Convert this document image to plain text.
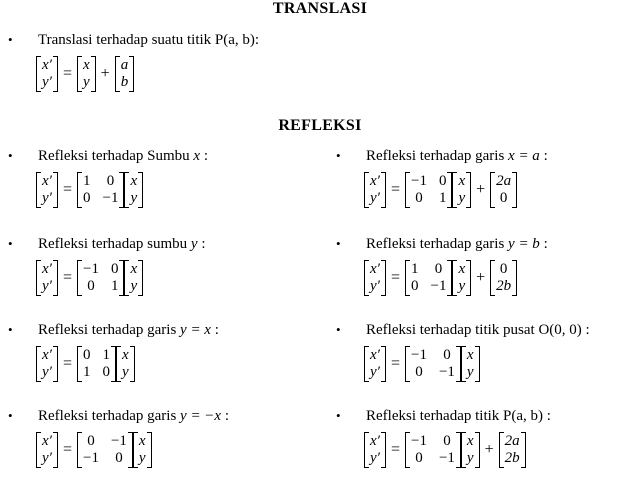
TRANSLASI
• Translasi terhadap suatu titik P(a, b):
x′
y′ = x
y + a
b
REFLEKSI
• Refleksi terhadap Sumbu x :
x′
y′ = 1
0
0
−1
x
y
• Refleksi terhadap sumbu y :
x′
y′ = −1
0
0
1
x
y
• Refleksi terhadap garis y = x :
x′
y′ = 0
1
1
0
x
y
• Refleksi terhadap garis y = −x :
x′
y′ = 0
−1
−1
0
x
y
• Refleksi terhadap garis x = a :
x′
y′ = −1
0
0
1
x
y + 2a
0
• Refleksi terhadap garis y = b :
x′
y′ = 1
0
0
−1
x
y + 0
2b
• Refleksi terhadap titik pusat O(0, 0) :
x′
y′ = −1
0
0
−1
x
y
• Refleksi terhadap titik P(a, b) :
x′
y′ = −1
0
0
−1
x
y + 2a
2b
